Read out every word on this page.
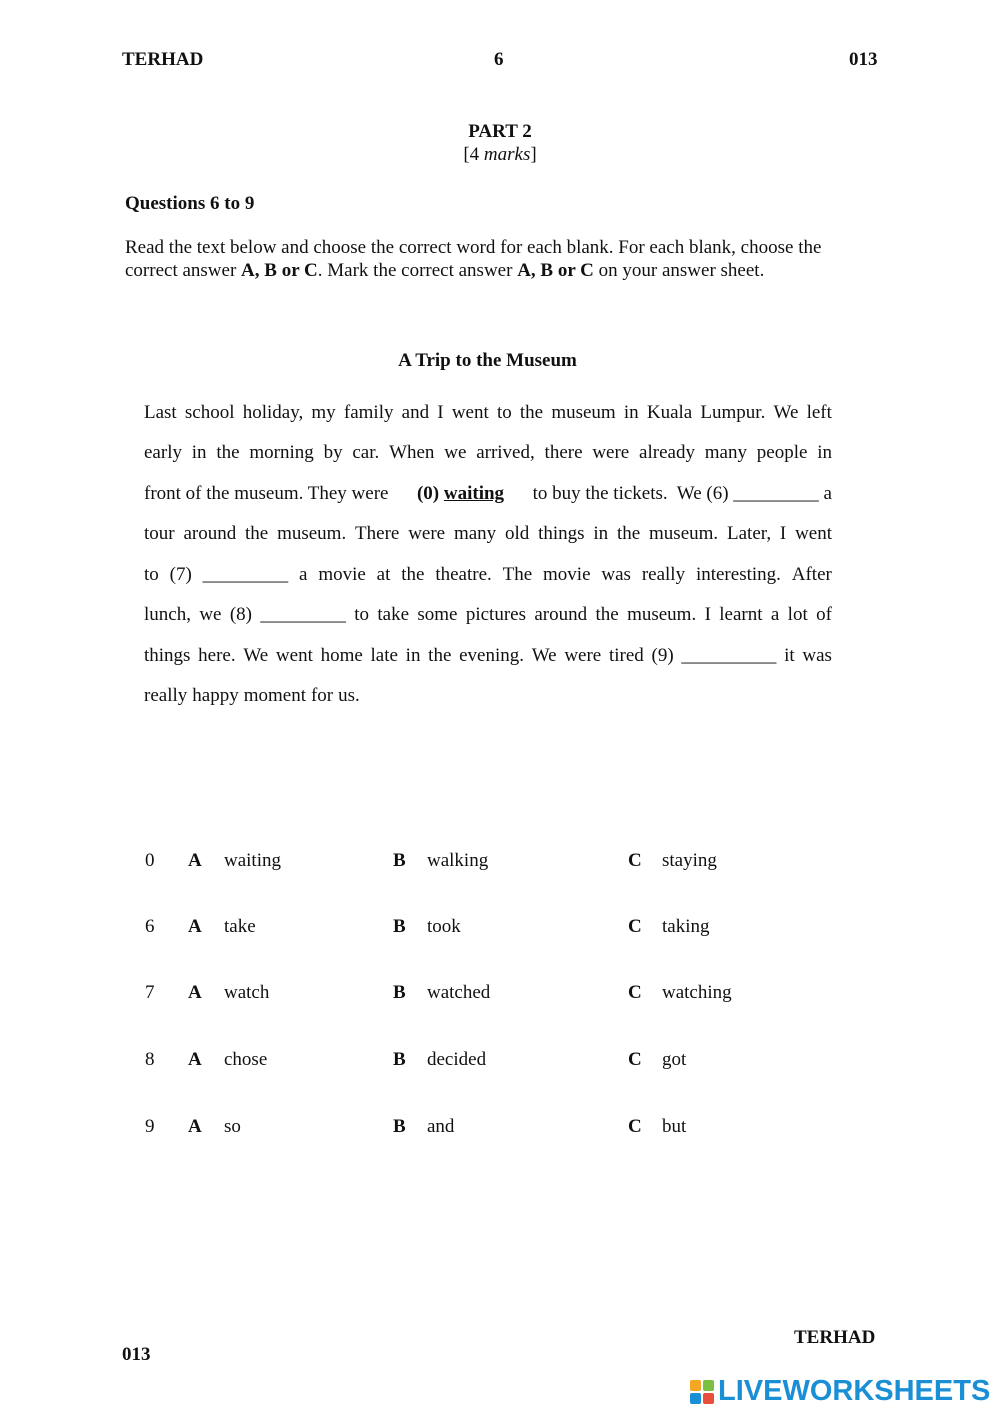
TERHAD	6	013
PART 2
[4 marks]
Questions 6 to 9
Read the text below and choose the correct word for each blank. For each blank, choose the correct answer A, B or C. Mark the correct answer A, B or C on your answer sheet.
A Trip to the Museum
Last school holiday, my family and I went to the museum in Kuala Lumpur. We left
early in the morning by car. When we arrived, there were already many people in
front of the museum. They were (0) waiting to buy the tickets.  We (6) _________ a
tour around the museum. There were many old things in the museum. Later, I went
to (7) _________ a movie at the theatre. The movie was really interesting. After
lunch, we (8) _________ to take some pictures around the museum. I learnt a lot of
things here. We went home late in the evening. We were tired (9) __________ it was
really happy moment for us.
0 A waiting	B walking	C staying
6 A take	B took	C taking
7 A watch	B watched	C watching
8 A chose	B decided	C got
9 A so	B and	C but
TERHAD
013
LIVEWORKSHEETS
